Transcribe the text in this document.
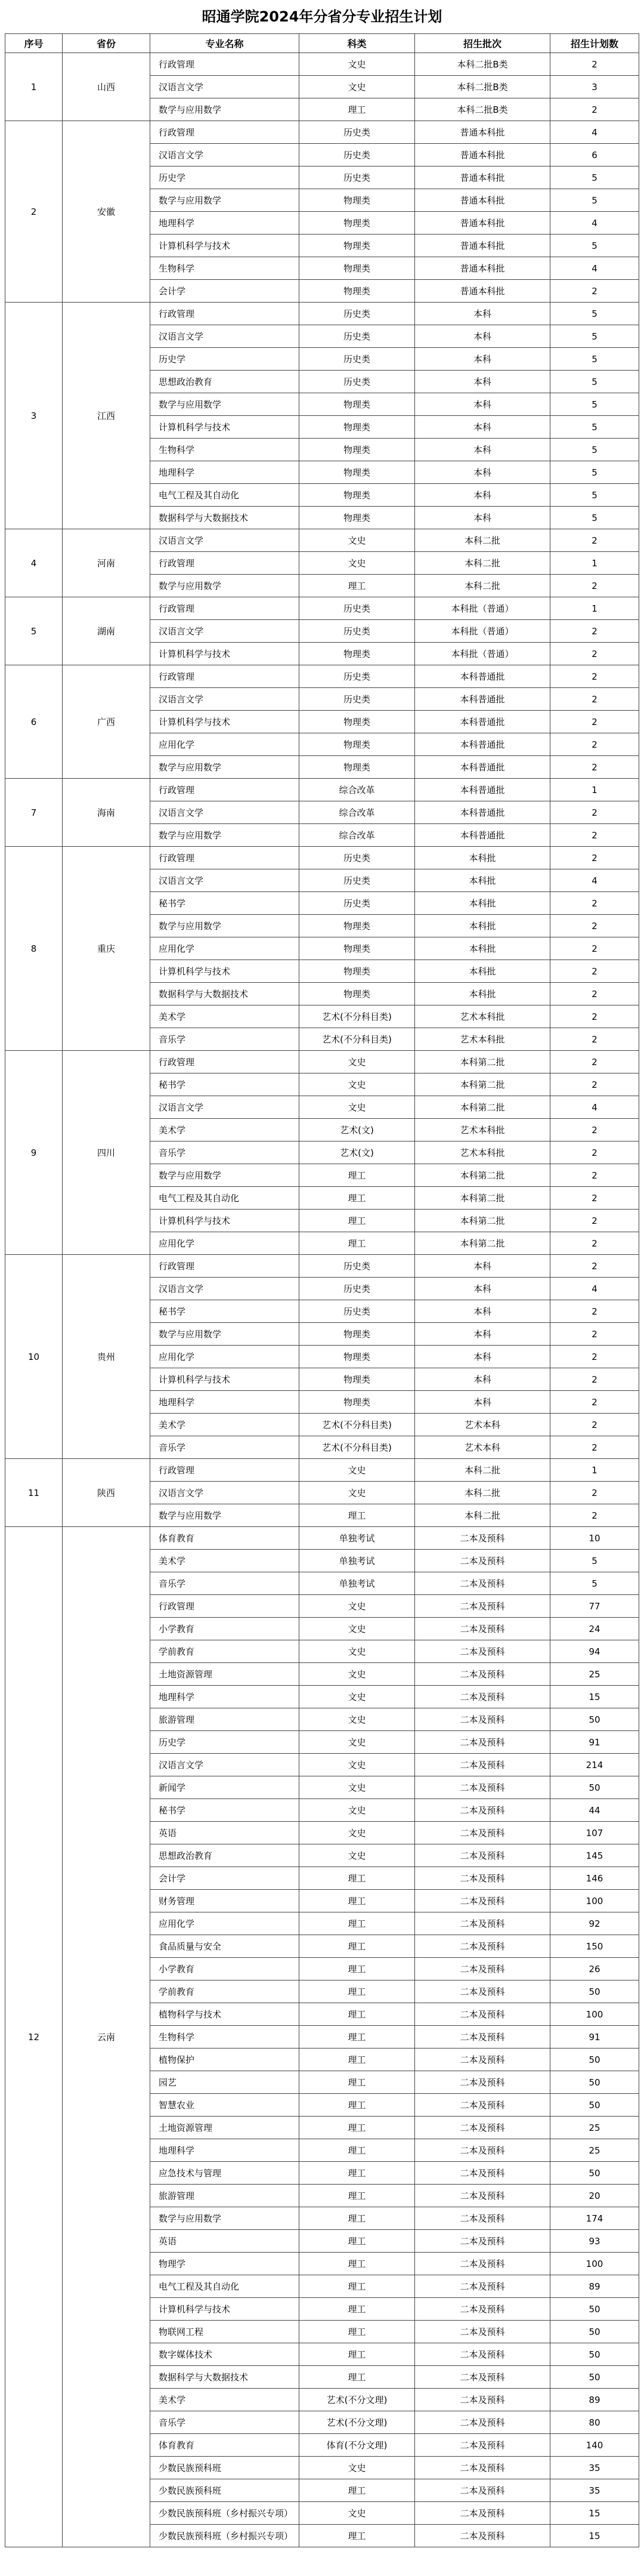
昭通学院2024年分省分专业招生计划
序号	省份	专业名称	科类	招生批次	招生计划数
1	山西	行政管理	文史	本科二批B类	2
		汉语言文学	文史	本科二批B类	3
		数学与应用数学	理工	本科二批B类	2
2	安徽	行政管理	历史类	普通本科批	4
		汉语言文学	历史类	普通本科批	6
		历史学	历史类	普通本科批	5
		数学与应用数学	物理类	普通本科批	5
		地理科学	物理类	普通本科批	4
		计算机科学与技术	物理类	普通本科批	5
		生物科学	物理类	普通本科批	4
		会计学	物理类	普通本科批	2
3	江西	行政管理	历史类	本科	5
		汉语言文学	历史类	本科	5
		历史学	历史类	本科	5
		思想政治教育	历史类	本科	5
		数学与应用数学	物理类	本科	5
		计算机科学与技术	物理类	本科	5
		生物科学	物理类	本科	5
		地理科学	物理类	本科	5
		电气工程及其自动化	物理类	本科	5
		数据科学与大数据技术	物理类	本科	5
4	河南	汉语言文学	文史	本科二批	2
		行政管理	文史	本科二批	1
		数学与应用数学	理工	本科二批	2
5	湖南	行政管理	历史类	本科批（普通）	1
		汉语言文学	历史类	本科批（普通）	2
		计算机科学与技术	物理类	本科批（普通）	2
6	广西	行政管理	历史类	本科普通批	2
		汉语言文学	历史类	本科普通批	2
		计算机科学与技术	物理类	本科普通批	2
		应用化学	物理类	本科普通批	2
		数学与应用数学	物理类	本科普通批	2
7	海南	行政管理	综合改革	本科普通批	1
		汉语言文学	综合改革	本科普通批	2
		数学与应用数学	综合改革	本科普通批	2
8	重庆	行政管理	历史类	本科批	2
		汉语言文学	历史类	本科批	4
		秘书学	历史类	本科批	2
		数学与应用数学	物理类	本科批	2
		应用化学	物理类	本科批	2
		计算机科学与技术	物理类	本科批	2
		数据科学与大数据技术	物理类	本科批	2
		美术学	艺术(不分科目类)	艺术本科批	2
		音乐学	艺术(不分科目类)	艺术本科批	2
9	四川	行政管理	文史	本科第二批	2
		秘书学	文史	本科第二批	2
		汉语言文学	文史	本科第二批	4
		美术学	艺术(文)	艺术本科批	2
		音乐学	艺术(文)	艺术本科批	2
		数学与应用数学	理工	本科第二批	2
		电气工程及其自动化	理工	本科第二批	2
		计算机科学与技术	理工	本科第二批	2
		应用化学	理工	本科第二批	2
10	贵州	行政管理	历史类	本科	2
		汉语言文学	历史类	本科	4
		秘书学	历史类	本科	2
		数学与应用数学	物理类	本科	2
		应用化学	物理类	本科	2
		计算机科学与技术	物理类	本科	2
		地理科学	物理类	本科	2
		美术学	艺术(不分科目类)	艺术本科	2
		音乐学	艺术(不分科目类)	艺术本科	2
11	陕西	行政管理	文史	本科二批	1
		汉语言文学	文史	本科二批	2
		数学与应用数学	理工	本科二批	2
12	云南	体育教育	单独考试	二本及预科	10
		美术学	单独考试	二本及预科	5
		音乐学	单独考试	二本及预科	5
		行政管理	文史	二本及预科	77
		小学教育	文史	二本及预科	24
		学前教育	文史	二本及预科	94
		土地资源管理	文史	二本及预科	25
		地理科学	文史	二本及预科	15
		旅游管理	文史	二本及预科	50
		历史学	文史	二本及预科	91
		汉语言文学	文史	二本及预科	214
		新闻学	文史	二本及预科	50
		秘书学	文史	二本及预科	44
		英语	文史	二本及预科	107
		思想政治教育	文史	二本及预科	145
		会计学	理工	二本及预科	146
		财务管理	理工	二本及预科	100
		应用化学	理工	二本及预科	92
		食品质量与安全	理工	二本及预科	150
		小学教育	理工	二本及预科	26
		学前教育	理工	二本及预科	50
		植物科学与技术	理工	二本及预科	100
		生物科学	理工	二本及预科	91
		植物保护	理工	二本及预科	50
		园艺	理工	二本及预科	50
		智慧农业	理工	二本及预科	50
		土地资源管理	理工	二本及预科	25
		地理科学	理工	二本及预科	25
		应急技术与管理	理工	二本及预科	50
		旅游管理	理工	二本及预科	20
		数学与应用数学	理工	二本及预科	174
		英语	理工	二本及预科	93
		物理学	理工	二本及预科	100
		电气工程及其自动化	理工	二本及预科	89
		计算机科学与技术	理工	二本及预科	50
		物联网工程	理工	二本及预科	50
		数字媒体技术	理工	二本及预科	50
		数据科学与大数据技术	理工	二本及预科	50
		美术学	艺术(不分文理)	二本及预科	89
		音乐学	艺术(不分文理)	二本及预科	80
		体育教育	体育(不分文理)	二本及预科	140
		少数民族预科班	文史	二本及预科	35
		少数民族预科班	理工	二本及预科	35
		少数民族预科班（乡村振兴专项）	文史	二本及预科	15
		少数民族预科班（乡村振兴专项）	理工	二本及预科	15
